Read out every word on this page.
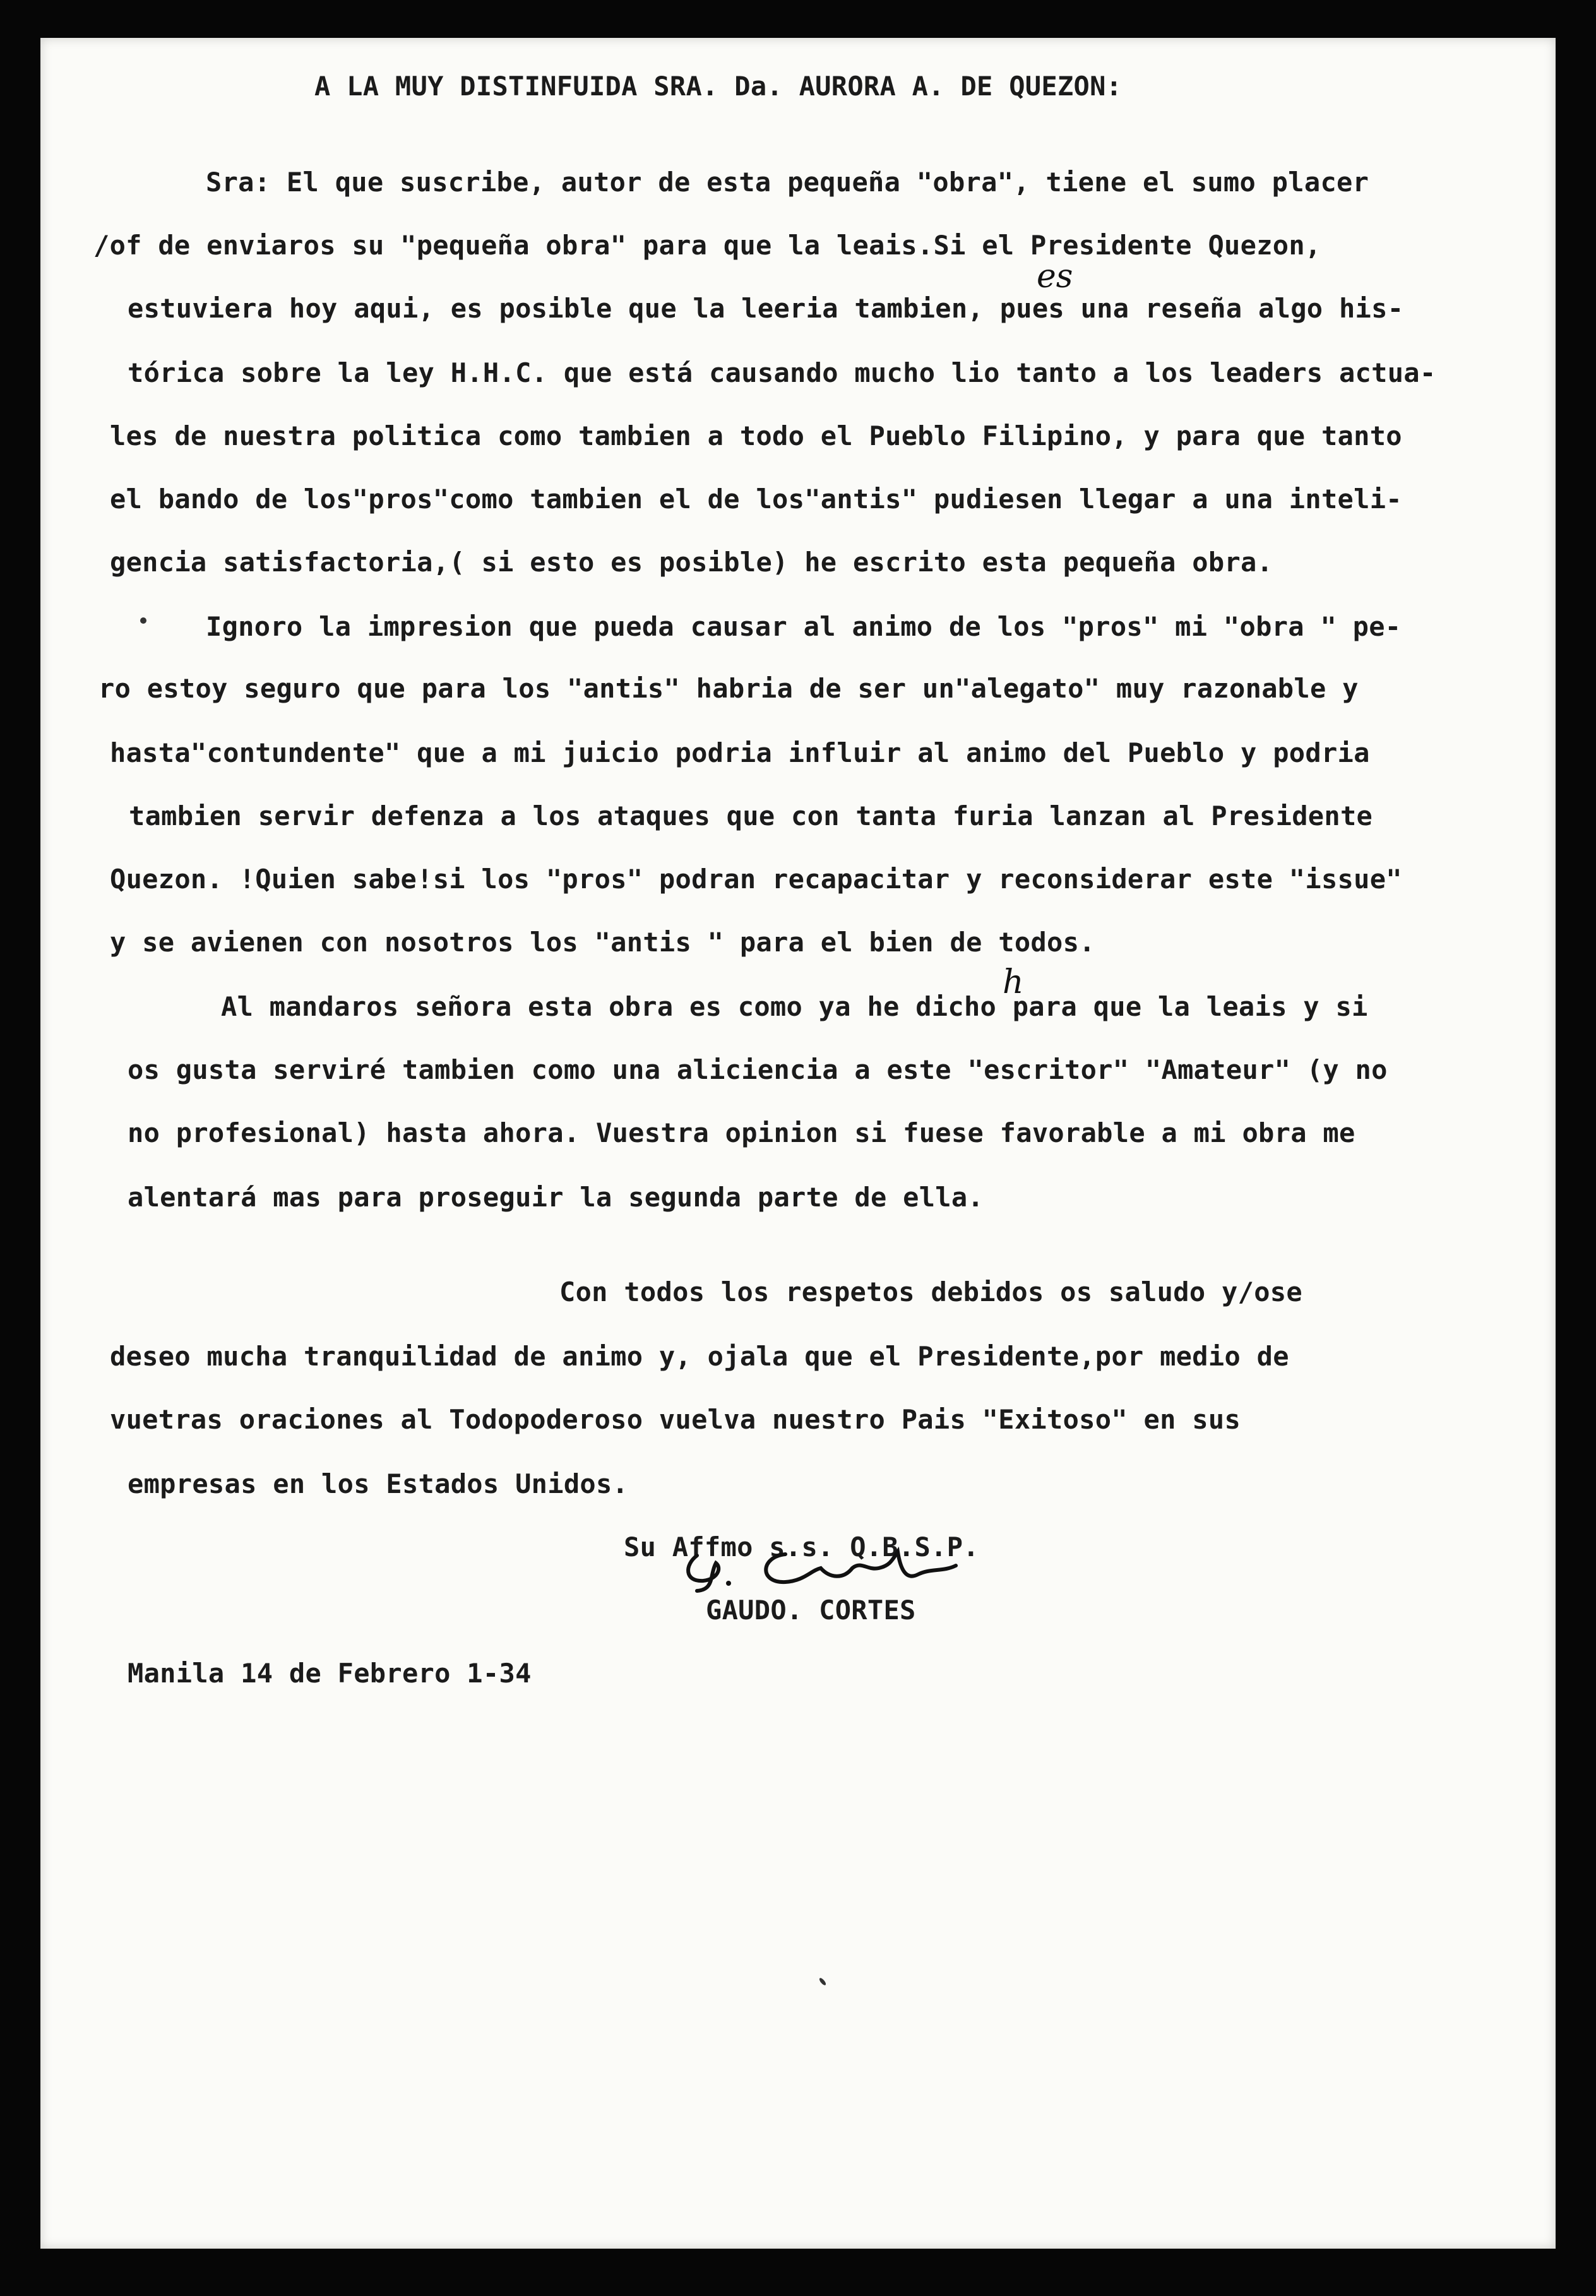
A LA MUY DISTINFUIDA SRA. Da. AURORA A. DE QUEZON:
Sra: El que suscribe, autor de esta pequeña "obra", tiene el sumo placer
/of de enviaros su "pequeña obra" para que la leais.Si el Presidente Quezon,
estuviera hoy aqui, es posible que la leeria tambien, pues una reseña algo his-
tórica sobre la ley H.H.C. que está causando mucho lio tanto a los leaders actua-
les de nuestra politica como tambien a todo el Pueblo Filipino, y para que tanto
el bando de los"pros"como tambien el de los"antis" pudiesen llegar a una inteli-
gencia satisfactoria,( si esto es posible) he escrito esta pequeña obra.
Ignoro la impresion que pueda causar al animo de los "pros" mi "obra " pe-
ro estoy seguro que para los "antis" habria de ser un"alegato" muy razonable y
hasta"contundente" que a mi juicio podria influir al animo del Pueblo y podria
tambien servir defenza a los ataques que con tanta furia lanzan al Presidente
Quezon. !Quien sabe!si los "pros" podran recapacitar y reconsiderar este "issue"
y se avienen con nosotros los "antis " para el bien de todos.
Al mandaros señora esta obra es como ya he dicho para que la leais y si
os gusta serviré tambien como una aliciencia a este "escritor" "Amateur" (y no
no profesional) hasta ahora. Vuestra opinion si fuese favorable a mi obra me
alentará mas para proseguir la segunda parte de ella.
Con todos los respetos debidos os saludo y/ose
deseo mucha tranquilidad de animo y, ojala que el Presidente,por medio de
vuetras oraciones al Todopoderoso vuelva nuestro Pais "Exitoso" en sus
empresas en los Estados Unidos.
Su Affmo s.s. Q.B.S.P.
GAUDO. CORTES
Manila 14 de Febrero 1-34
es
h
